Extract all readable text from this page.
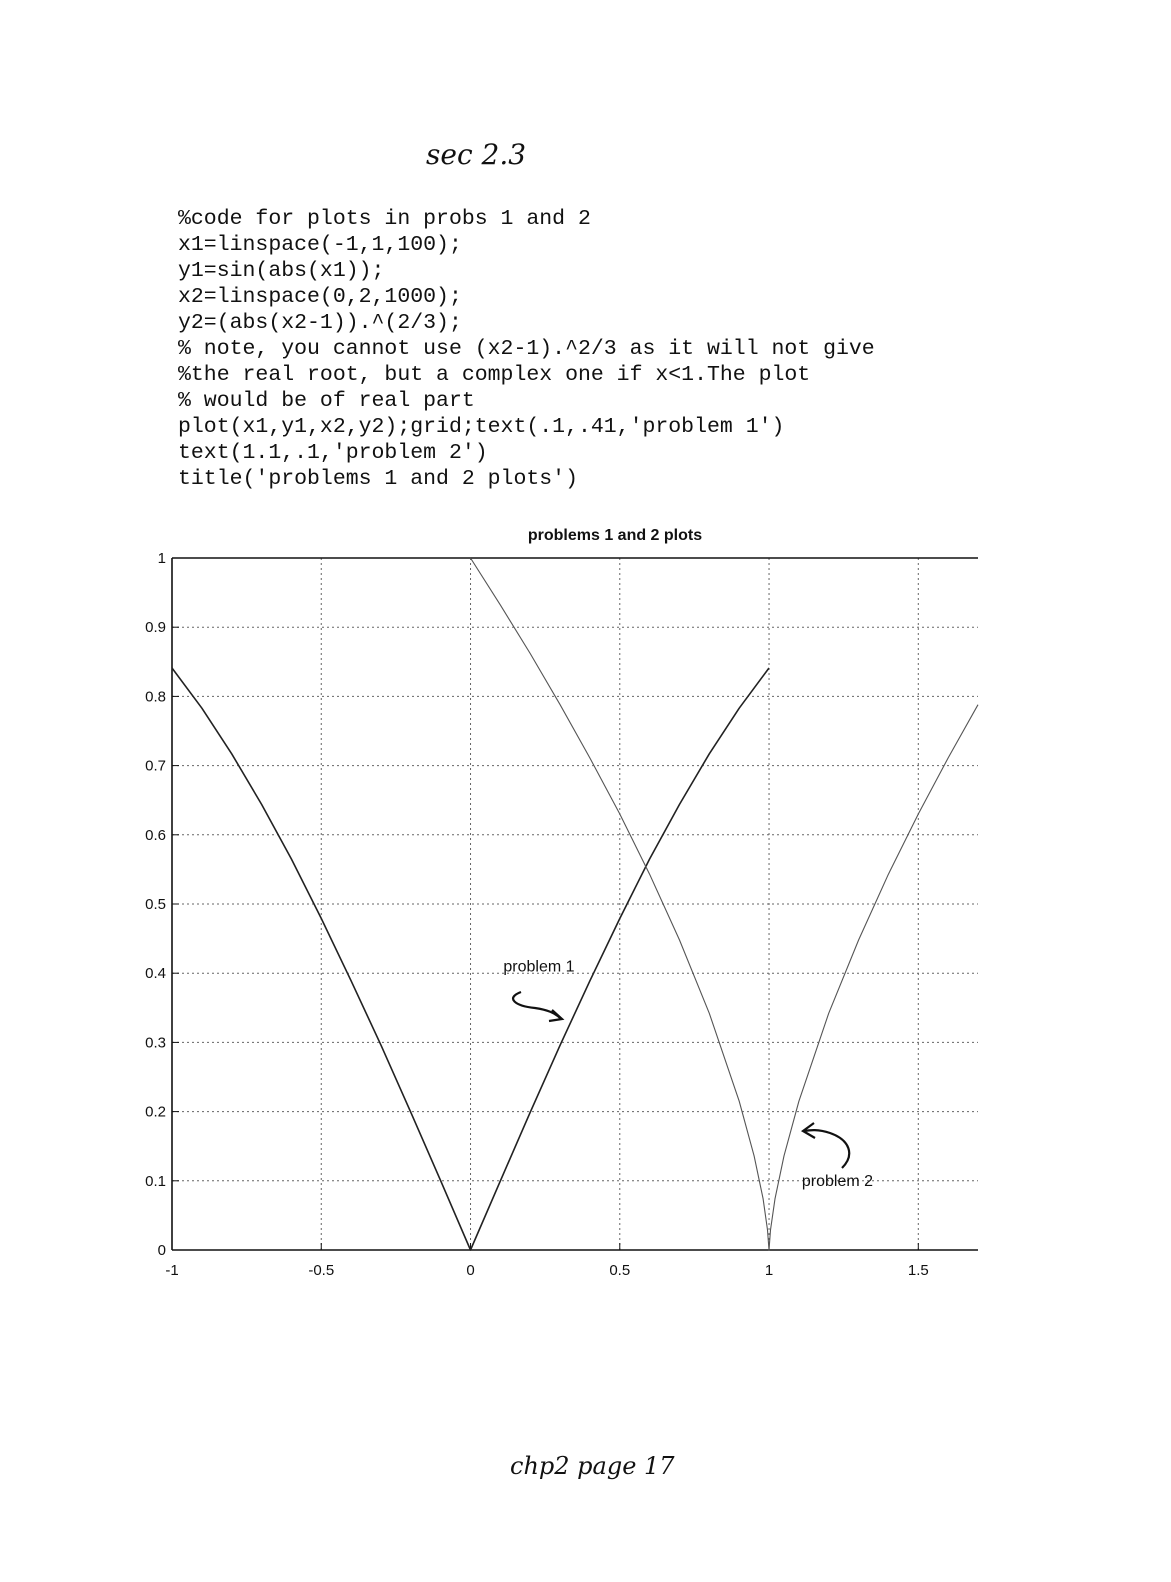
sec 2.3
%code for plots in probs 1 and 2
x1=linspace(-1,1,100);
y1=sin(abs(x1));
x2=linspace(0,2,1000);
y2=(abs(x2-1)).^(2/3);
% note, you cannot use (x2-1).^2/3 as it will not give
%the real root, but a complex one if x<1.The plot
% would be of real part
plot(x1,y1,x2,y2);grid;text(.1,.41,'problem 1')
text(1.1,.1,'problem 2')
title('problems 1 and 2 plots')
problems 1 and 2 plots
-1	-0.5	0	0.5	1	1.5
0
0.1
0.2
0.3
0.4
0.5
0.6
0.7
0.8
0.9
1
problem 1
problem 2
chp2 page 17
